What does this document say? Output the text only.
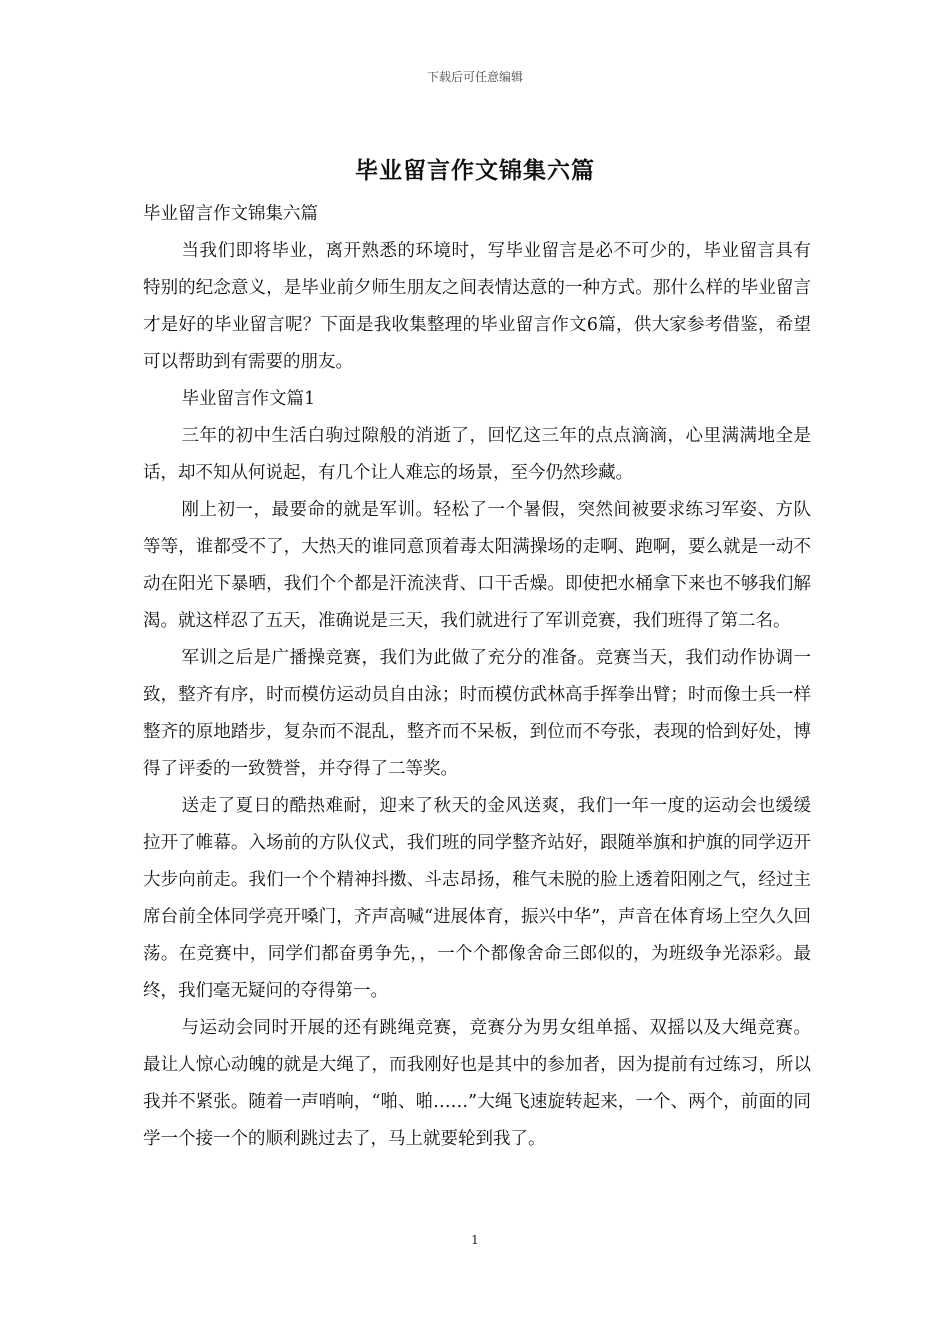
下载后可任意编辑
毕业留言作文锦集六篇

毕业留言作文锦集六篇

当我们即将毕业，离开熟悉的环境时，写毕业留言是必不可少的，毕业留言具有特别的纪念意义，是毕业前夕师生朋友之间表情达意的一种方式。那什么样的毕业留言才是好的毕业留言呢？下面是我收集整理的毕业留言作文6篇，供大家参考借鉴，希望可以帮助到有需要的朋友。

毕业留言作文篇1

三年的初中生活白驹过隙般的消逝了，回忆这三年的点点滴滴，心里满满地全是话，却不知从何说起，有几个让人难忘的场景，至今仍然珍藏。

刚上初一，最要命的就是军训。轻松了一个暑假，突然间被要求练习军姿、方队等等，谁都受不了，大热天的谁同意顶着毒太阳满操场的走啊、跑啊，要么就是一动不动在阳光下暴晒，我们个个都是汗流浃背、口干舌燥。即使把水桶拿下来也不够我们解渴。就这样忍了五天，准确说是三天，我们就进行了军训竞赛，我们班得了第二名。

军训之后是广播操竞赛，我们为此做了充分的准备。竞赛当天，我们动作协调一致，整齐有序，时而模仿运动员自由泳；时而模仿武林高手挥拳出臂；时而像士兵一样整齐的原地踏步，复杂而不混乱，整齐而不呆板，到位而不夸张，表现的恰到好处，博得了评委的一致赞誉，并夺得了二等奖。

送走了夏日的酷热难耐，迎来了秋天的金风送爽，我们一年一度的运动会也缓缓拉开了帷幕。入场前的方队仪式，我们班的同学整齐站好，跟随举旗和护旗的同学迈开大步向前走。我们一个个精神抖擞、斗志昂扬，稚气未脱的脸上透着阳刚之气，经过主席台前全体同学亮开嗓门，齐声高喊“进展体育，振兴中华”，声音在体育场上空久久回荡。在竞赛中，同学们都奋勇争先，，一个个都像舍命三郎似的，为班级争光添彩。最终，我们毫无疑问的夺得第一。

与运动会同时开展的还有跳绳竞赛，竞赛分为男女组单摇、双摇以及大绳竞赛。最让人惊心动魄的就是大绳了，而我刚好也是其中的参加者，因为提前有过练习，所以我并不紧张。随着一声哨响，“啪、啪……”大绳飞速旋转起来，一个、两个，前面的同学一个接一个的顺利跳过去了，马上就要轮到我了。

1
